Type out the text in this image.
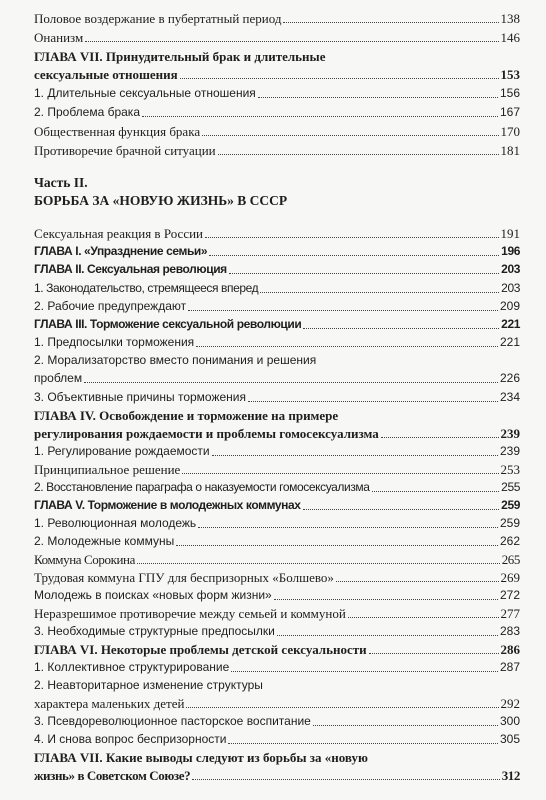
Половое воздержание в пубертатный период	138
Онанизм	146
ГЛАВА VII. Принудительный брак и длительные
сексуальные отношения	153
1. Длительные сексуальные отношения	156
2. Проблема брака	167
Общественная функция брака	170
Противоречие брачной ситуации	181
Часть II.
БОРЬБА ЗА «НОВУЮ ЖИЗНЬ» В СССР
Сексуальная реакция в России	191
ГЛАВА I. «Упразднение семьи»	196
ГЛАВА II. Сексуальная революция	203
1. Законодательство, стремящееся вперед	203
2. Рабочие предупреждают	209
ГЛАВА III. Торможение сексуальной революции	221
1. Предпосылки торможения	221
2. Морализаторство вместо понимания и решения
проблем	226
3. Объективные причины торможения	234
ГЛАВА IV. Освобождение и торможение на примере
регулирования рождаемости и проблемы гомосексуализма	239
1. Регулирование рождаемости	239
Принципиальное решение	253
2. Восстановление параграфа о наказуемости гомосексуализма	255
ГЛАВА V. Торможение в молодежных коммунах	259
1. Революционная молодежь	259
2. Молодежные коммуны	262
Коммуна Сорокина	265
Трудовая коммуна ГПУ для беспризорных «Болшево»	269
Молодежь в поисках «новых форм жизни»	272
Неразрешимое противоречие между семьей и коммуной	277
3. Необходимые структурные предпосылки	283
ГЛАВА VI. Некоторые проблемы детской сексуальности	286
1. Коллективное структурирование	287
2. Неавторитарное изменение структуры
характера маленьких детей	292
3. Псевдореволюционное пасторское воспитание	300
4. И снова вопрос беспризорности	305
ГЛАВА VII. Какие выводы следуют из борьбы за «новую
жизнь» в Советском Союзе?	312
